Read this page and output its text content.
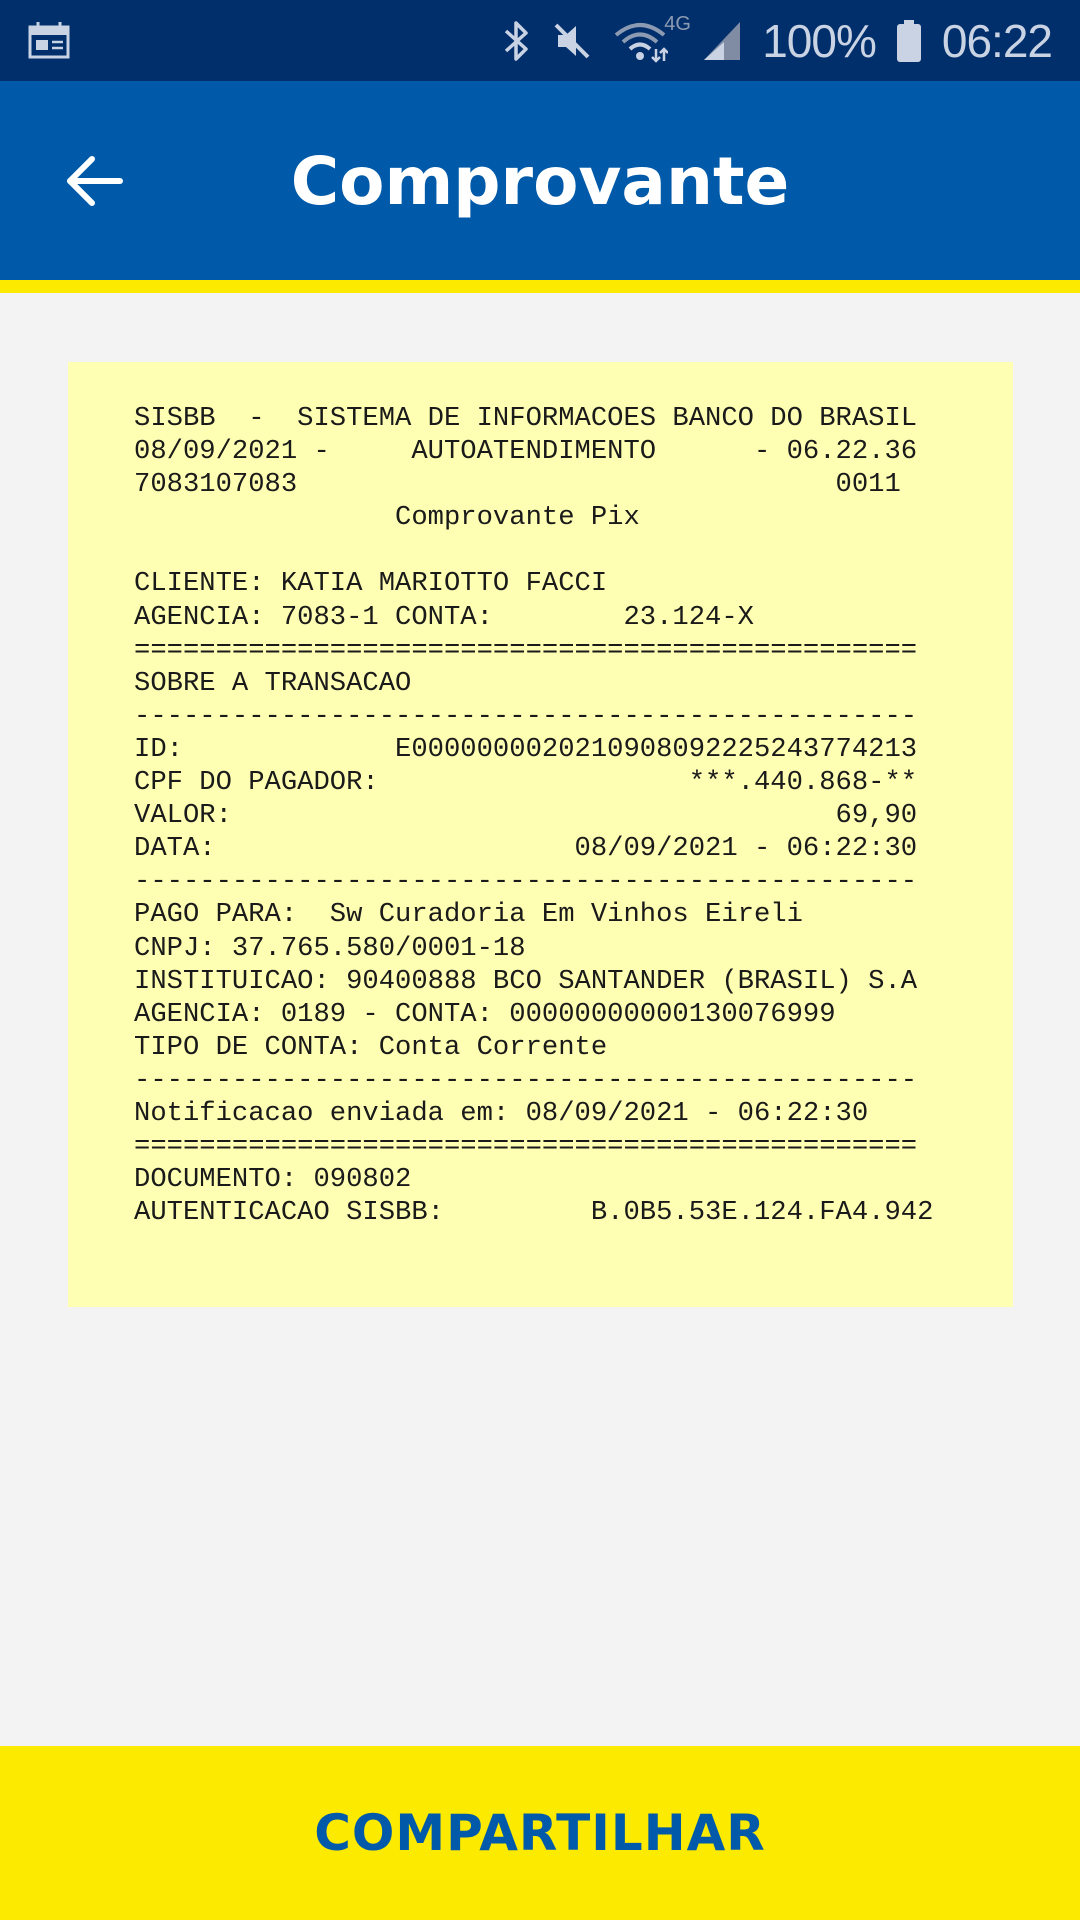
4G 100% 06:22
Comprovante
SISBB  -  SISTEMA DE INFORMACOES BANCO DO BRASIL
08/09/2021 -     AUTOATENDIMENTO      - 06.22.36
7083107083                                 0011
Comprovante Pix

CLIENTE: KATIA MARIOTTO FACCI
AGENCIA: 7083-1 CONTA:        23.124-X
================================================
SOBRE A TRANSACAO
------------------------------------------------
ID:             E0000000020210908092225243774213
CPF DO PAGADOR:                   ***.440.868-**
VALOR:                                     69,90
DATA:                      08/09/2021 - 06:22:30
------------------------------------------------
PAGO PARA:  Sw Curadoria Em Vinhos Eireli
CNPJ: 37.765.580/0001-18
INSTITUICAO: 90400888 BCO SANTANDER (BRASIL) S.A
AGENCIA: 0189 - CONTA: 00000000000130076999
TIPO DE CONTA: Conta Corrente
------------------------------------------------
Notificacao enviada em: 08/09/2021 - 06:22:30
================================================
DOCUMENTO: 090802
AUTENTICACAO SISBB:         B.0B5.53E.124.FA4.942
COMPARTILHAR
